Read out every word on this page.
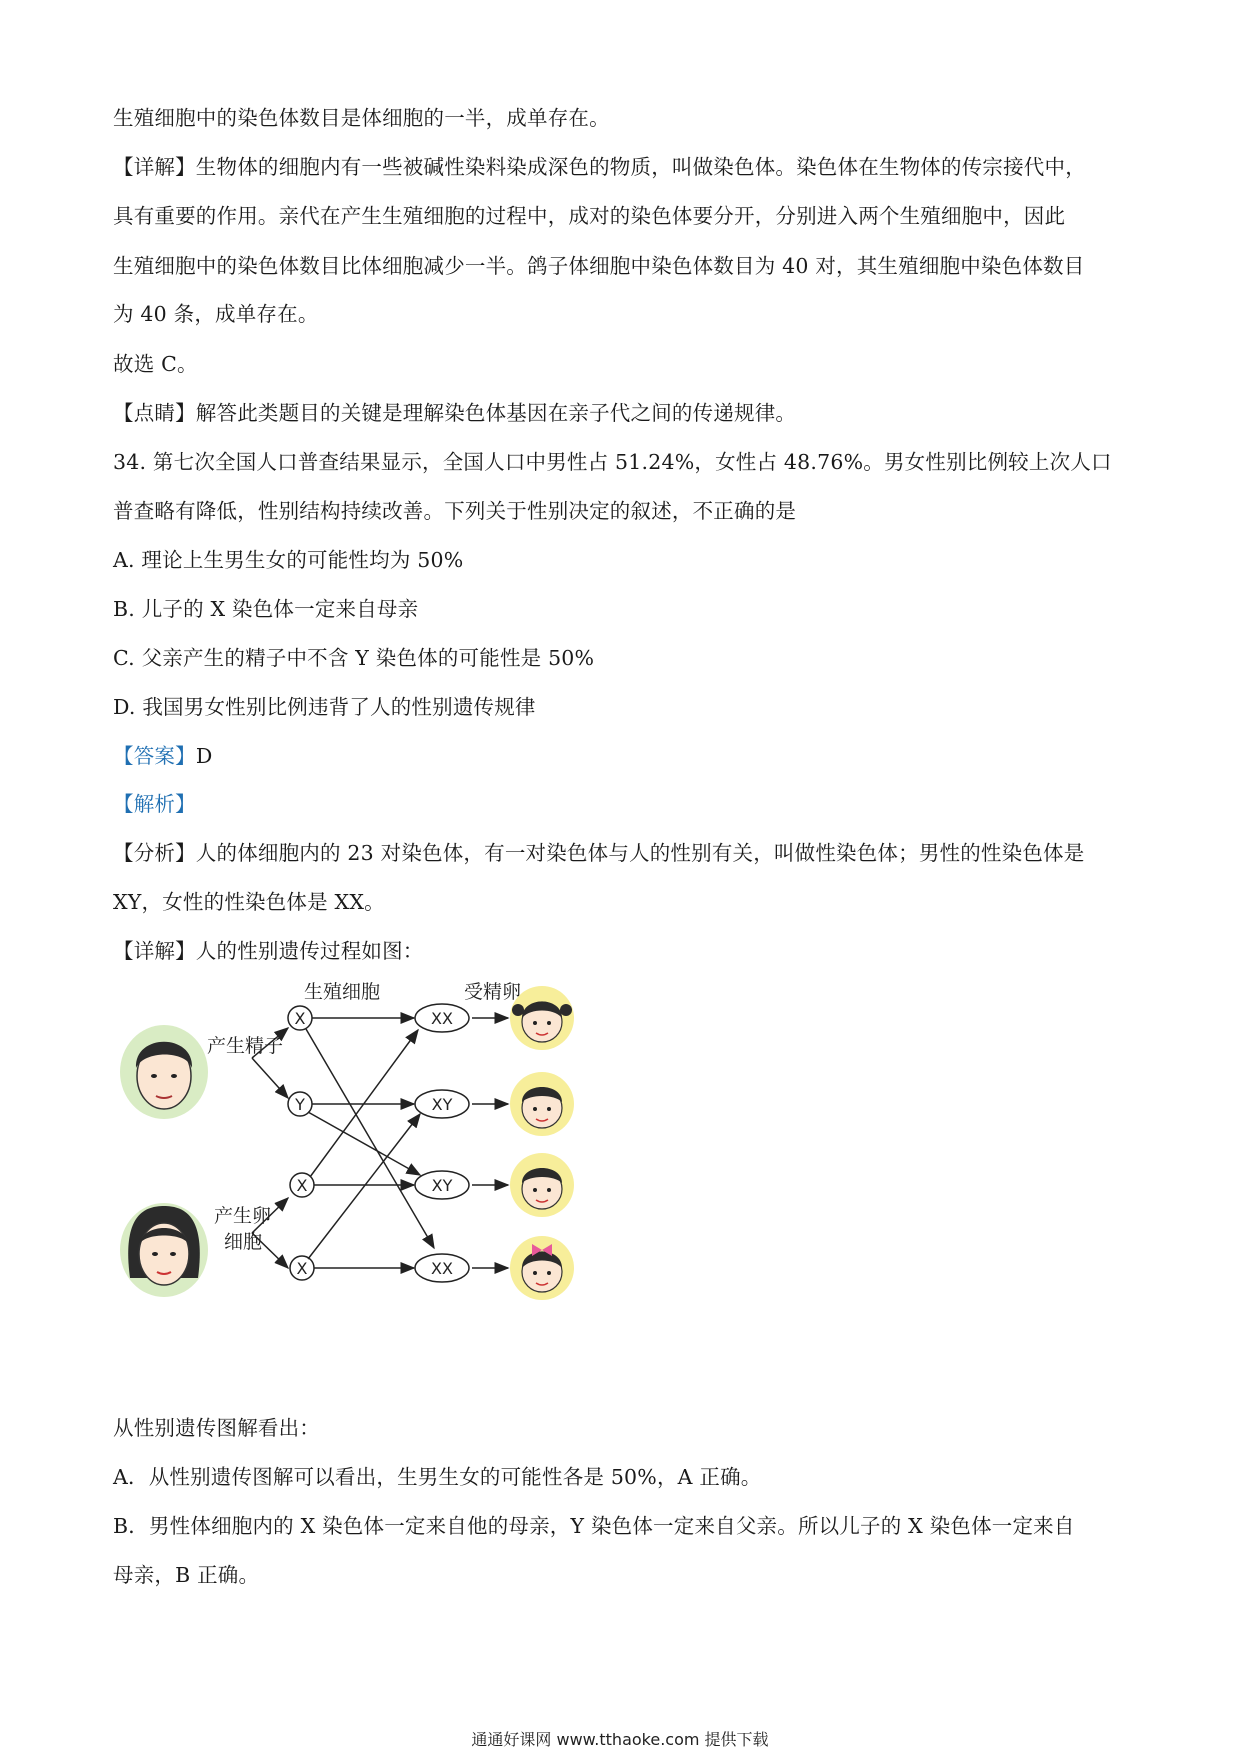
生殖细胞中的染色体数目是体细胞的一半，成单存在。
【详解】生物体的细胞内有一些被碱性染料染成深色的物质，叫做染色体。染色体在生物体的传宗接代中，
具有重要的作用。亲代在产生生殖细胞的过程中，成对的染色体要分开，分别进入两个生殖细胞中，因此
生殖细胞中的染色体数目比体细胞减少一半。鸽子体细胞中染色体数目为 40 对，其生殖细胞中染色体数目
为 40 条，成单存在。
故选 C。
【点睛】解答此类题目的关键是理解染色体基因在亲子代之间的传递规律。
34. 第七次全国人口普查结果显示，全国人口中男性占 51.24%，女性占 48.76%。男女性别比例较上次人口
普查略有降低，性别结构持续改善。下列关于性别决定的叙述，不正确的是
A. 理论上生男生女的可能性均为 50%
B. 儿子的 X 染色体一定来自母亲
C. 父亲产生的精子中不含 Y 染色体的可能性是 50%
D. 我国男女性别比例违背了人的性别遗传规律
【答案】D
【解析】
【分析】人的体细胞内的 23 对染色体，有一对染色体与人的性别有关，叫做性染色体；男性的性染色体是
XY，女性的性染色体是 XX。
【详解】人的性别遗传过程如图：
生殖细胞	受精卵
产生精子
产生卵
细胞
X
Y
X
X
XX
XY
XY
XX
从性别遗传图解看出：
A．从性别遗传图解可以看出，生男生女的可能性各是 50%，A 正确。
B．男性体细胞内的 X 染色体一定来自他的母亲，Y 染色体一定来自父亲。所以儿子的 X 染色体一定来自
母亲，B 正确。
通通好课网 www.tthaoke.com 提供下载
